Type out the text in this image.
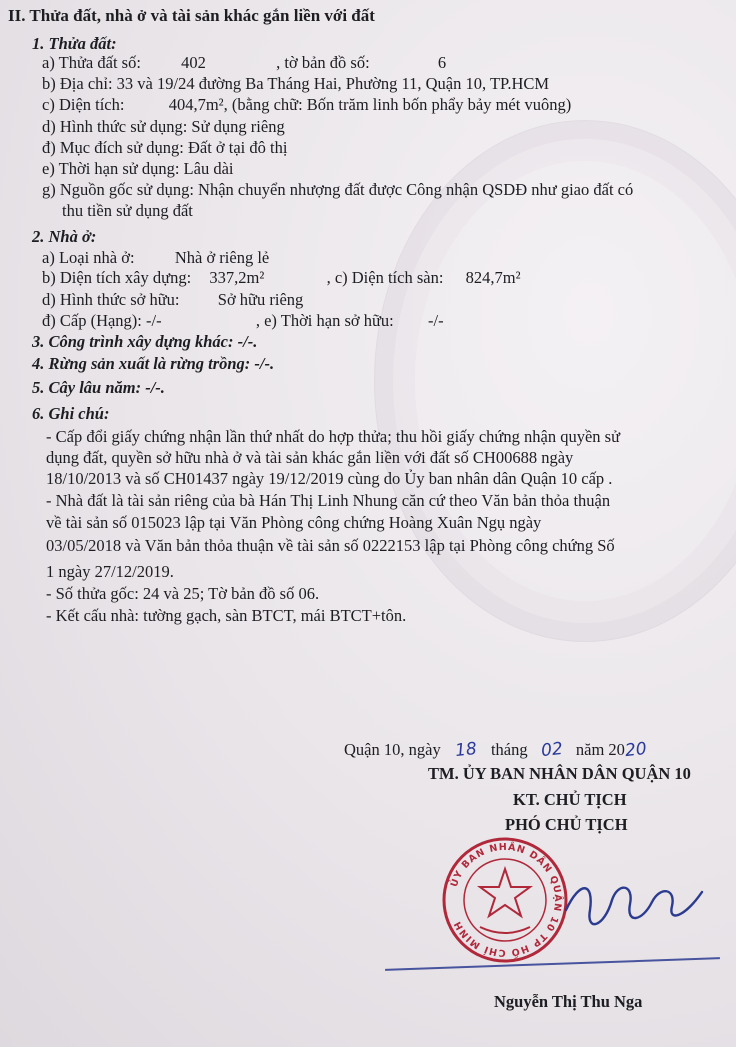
II. Thửa đất, nhà ở và tài sản khác gắn liền với đất
1. Thửa đất:
a) Thửa đất số: 402	, tờ bản đồ số:	6
b) Địa chỉ: 33 và 19/24 đường Ba Tháng Hai, Phường 11, Quận 10, TP.HCM
c) Diện tích:	404,7m², (bằng chữ: Bốn trăm linh bốn phẩy bảy mét vuông)
d) Hình thức sử dụng: Sử dụng riêng
đ) Mục đích sử dụng: Đất ở tại đô thị
e) Thời hạn sử dụng: Lâu dài
g) Nguồn gốc sử dụng: Nhận chuyển nhượng đất được Công nhận QSDĐ như giao đất có
thu tiền sử dụng đất
2. Nhà ở:
a) Loại nhà ở: Nhà ở riêng lẻ
b) Diện tích xây dựng: 337,2m²	, c) Diện tích sàn: 824,7m²
d) Hình thức sở hữu: Sở hữu riêng
đ) Cấp (Hạng): -/-	, e) Thời hạn sở hữu: -/-
3. Công trình xây dựng khác: -/-.
4. Rừng sản xuất là rừng trồng: -/-.
5. Cây lâu năm: -/-.
6. Ghi chú:
- Cấp đổi giấy chứng nhận lần thứ nhất do hợp thửa; thu hồi giấy chứng nhận quyền sử
dụng đất, quyền sở hữu nhà ở và tài sản khác gắn liền với đất số CH00688 ngày
18/10/2013 và số CH01437 ngày 19/12/2019 cùng do Ủy ban nhân dân Quận 10 cấp .
- Nhà đất là tài sản riêng của bà Hán Thị Linh Nhung căn cứ theo Văn bản thỏa thuận
về tài sản số 015023 lập tại Văn Phòng công chứng Hoàng Xuân Ngụ ngày
03/05/2018 và Văn bản thỏa thuận về tài sản số 0222153 lập tại Phòng công chứng Số
1 ngày 27/12/2019.
- Số thửa gốc: 24 và 25; Tờ bản đồ số 06.
- Kết cấu nhà: tường gạch, sàn BTCT, mái BTCT+tôn.
Quận 10, ngày 18 tháng 02 năm 2020
TM. ỦY BAN NHÂN DÂN QUẬN 10
KT. CHỦ TỊCH
PHÓ CHỦ TỊCH
ỦY BAN NHÂN DÂN QUẬN 10 TP HỒ CHÍ MINH
Nguyễn Thị Thu Nga
